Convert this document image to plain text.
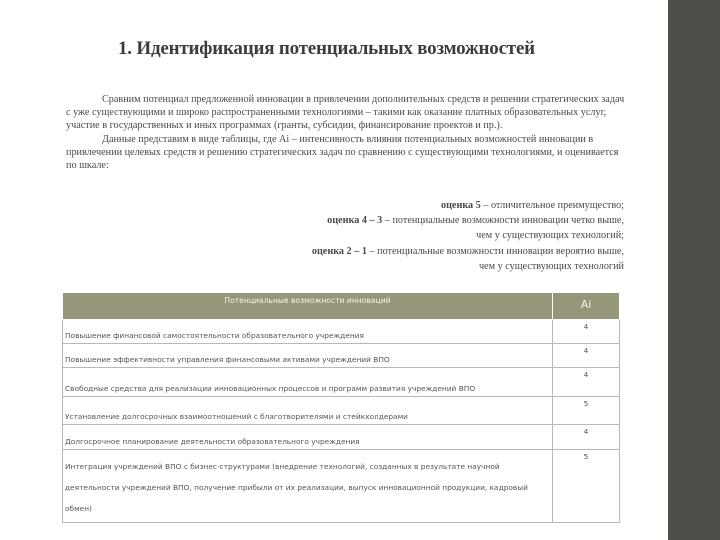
1. Идентификация потенциальных возможностей

Сравним потенциал предложенной инновации в привлечении дополнительных средств и решении стратегических задач с уже существующими и широко распространенными технологиями – такими как оказание платных образовательных услуг, участие в государственных и иных программах (гранты, субсидии, финансирование проектов и пр.).

Данные представим в виде таблицы, где Ai – интенсивность влияния потенциальных возможностей инновации в привлечении целевых средств и решению стратегических задач по сравнению с существующими технологиями, и оценивается по шкале:

оценка 5 – отличительное преимущество;
оценка 4 – 3 – потенциальные возможности инновации четко выше,
чем у существующих технологий;
оценка 2 – 1 – потенциальные возможности инновации вероятно выше,
чем у существующих технологий
Потенциальные возможности инноваций	Ai
Повышение финансовой самостоятельности образовательного учреждения	4
Повышение эффективности управления финансовыми активами учреждений ВПО	4
Свободные средства для реализации инновационных процессов и программ развития учреждений ВПО	4
Установление долгосрочных взаимоотношений с благотворителями и стейкхолдерами	5
Долгосрочное планирование деятельности образовательного учреждения	4
Интеграция учреждений ВПО с бизнес-структурами (внедрение технологий, созданных в результате научной деятельности учреждений ВПО, получение прибыли от их реализации, выпуск инновационной продукции, кадровый обмен)	5
